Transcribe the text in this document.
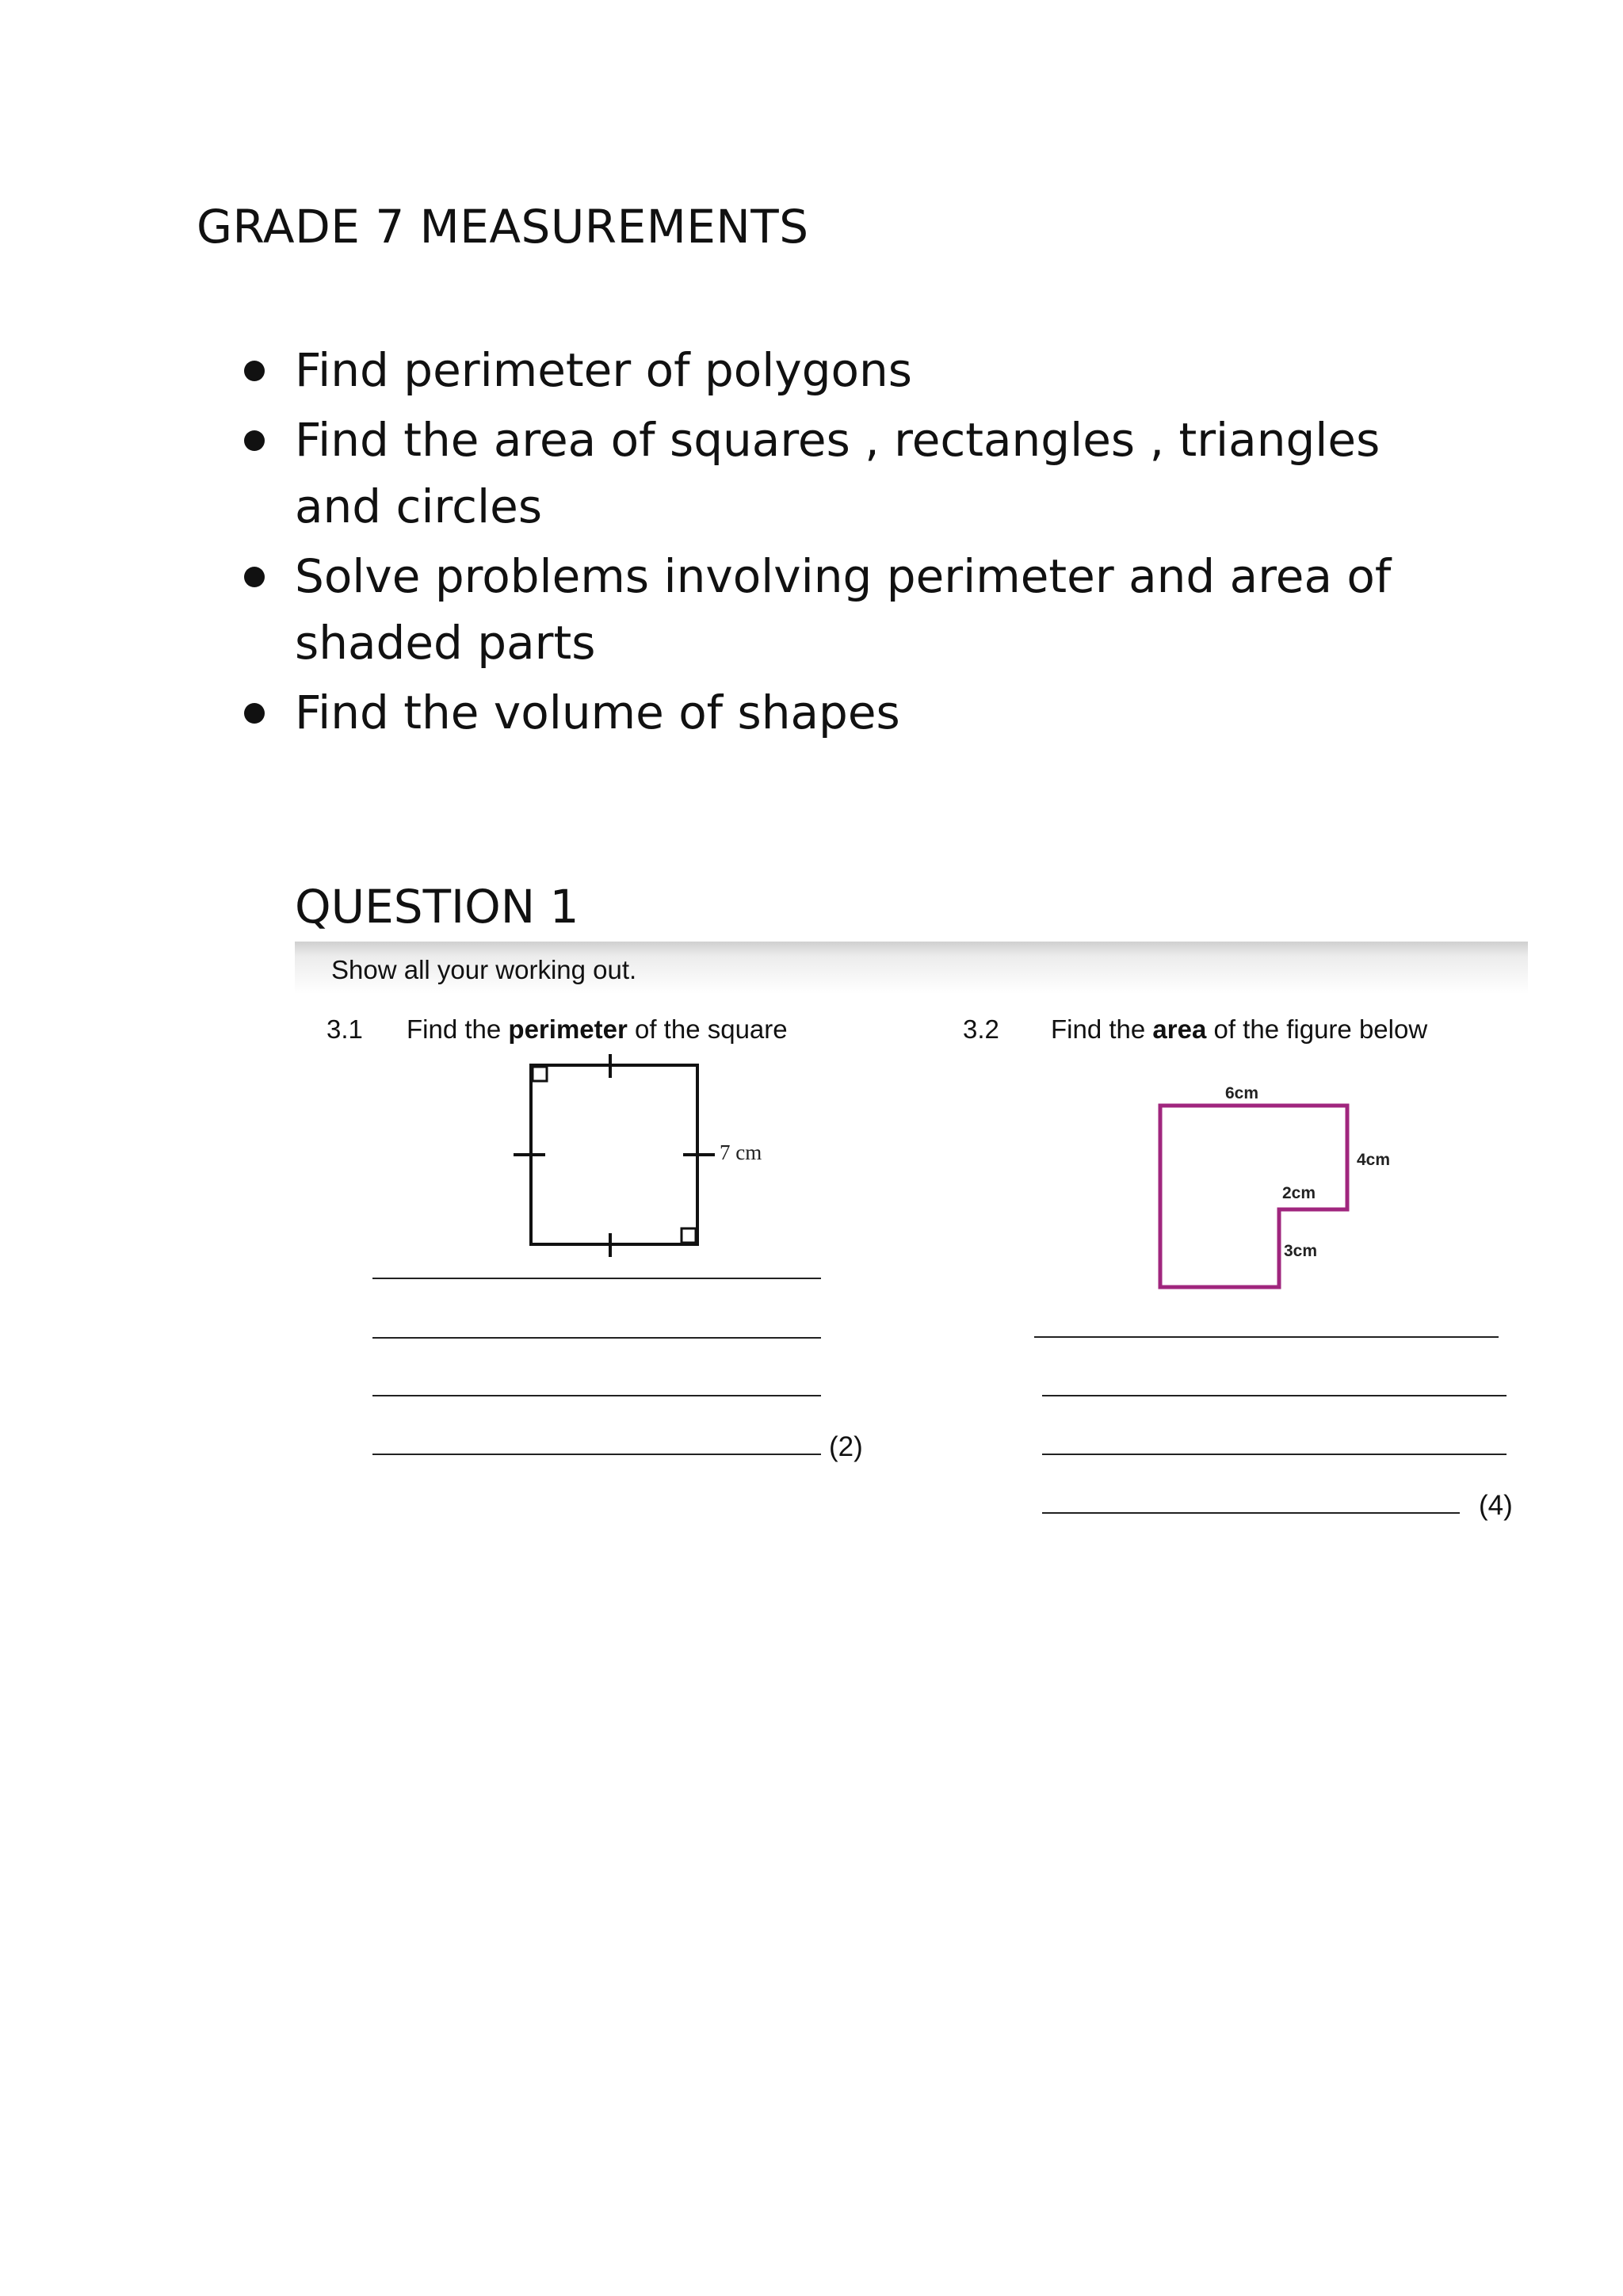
GRADE 7 MEASUREMENTS
Find perimeter of polygons
Find the area of squares , rectangles , triangles and circles
Solve problems involving perimeter and area of shaded parts
Find the volume of shapes
QUESTION 1
Show all your working out.
3.1 Find the perimeter of the square
7 cm
(2)
3.2 Find the area of the figure below
6cm
4cm
2cm
3cm
(4)
